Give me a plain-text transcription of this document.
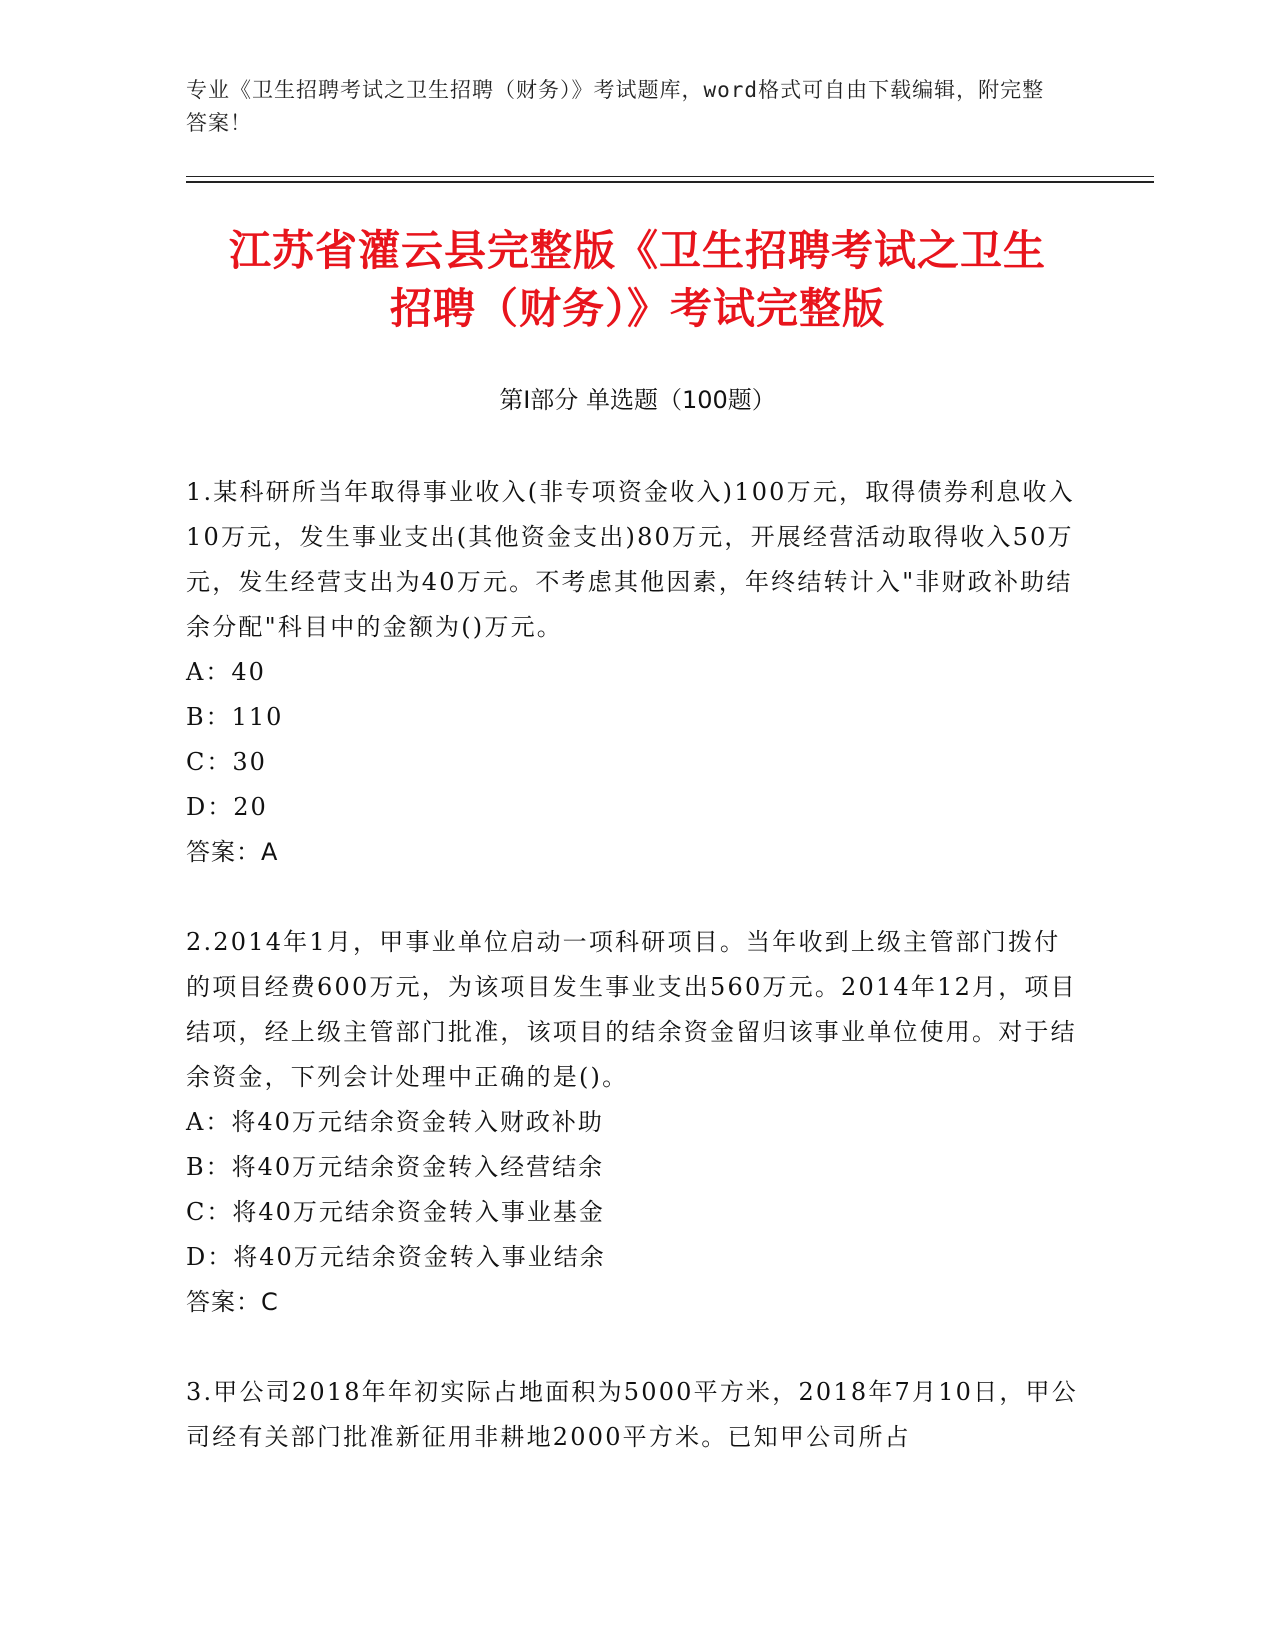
专业《卫生招聘考试之卫生招聘（财务）》考试题库，word格式可自由下载编辑，附完整答案！
江苏省灌云县完整版《卫生招聘考试之卫生
招聘（财务）》考试完整版
第Ⅰ部分 单选题（100题）

1.某科研所当年取得事业收入(非专项资金收入)100万元，取得债券利息收入10万元，发生事业支出(其他资金支出)80万元，开展经营活动取得收入50万元，发生经营支出为40万元。不考虑其他因素，年终结转计入"非财政补助结余分配"科目中的金额为()万元。

A：40

B：110

C：30

D：20

答案：A

2.2014年1月，甲事业单位启动一项科研项目。当年收到上级主管部门拨付的项目经费600万元，为该项目发生事业支出560万元。2014年12月，项目结项，经上级主管部门批准，该项目的结余资金留归该事业单位使用。对于结余资金，下列会计处理中正确的是()。

A：将40万元结余资金转入财政补助

B：将40万元结余资金转入经营结余

C：将40万元结余资金转入事业基金

D：将40万元结余资金转入事业结余

答案：C

3.甲公司2018年年初实际占地面积为5000平方米，2018年7月10日，甲公司经有关部门批准新征用非耕地2000平方米。已知甲公司所占
